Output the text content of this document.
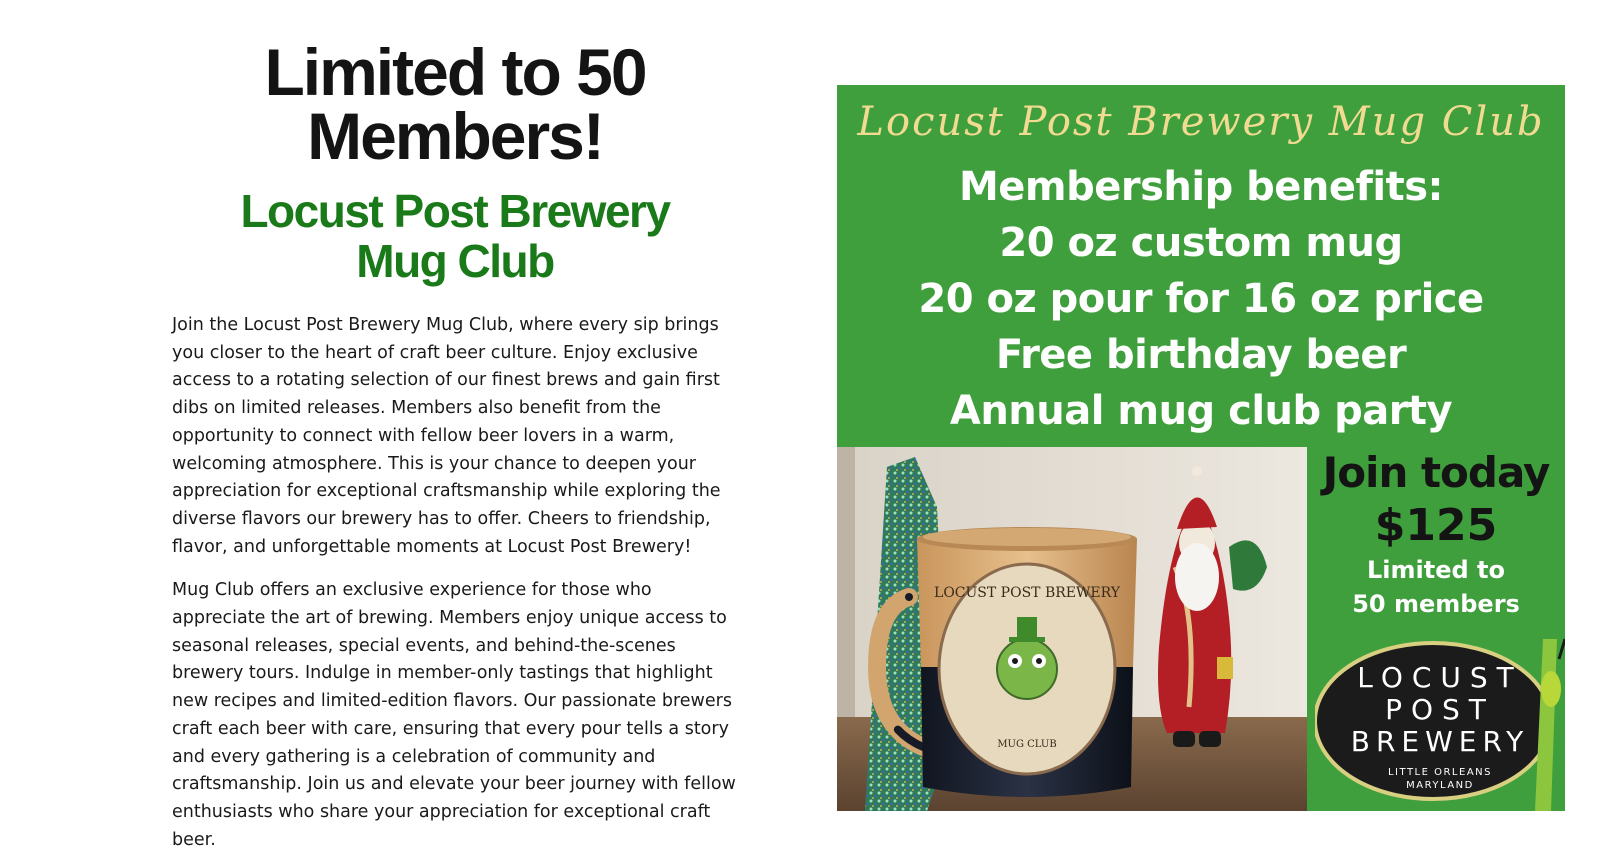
Limited to 50
Members!
Locust Post Brewery
Mug Club

Join the Locust Post Brewery Mug Club, where every sip brings you closer to the heart of craft beer culture. Enjoy exclusive access to a rotating selection of our finest brews and gain first dibs on limited releases. Members also benefit from the opportunity to connect with fellow beer lovers in a warm, welcoming atmosphere. This is your chance to deepen your appreciation for exceptional craftsmanship while exploring the diverse flavors our brewery has to offer. Cheers to friendship, flavor, and unforgettable moments at Locust Post Brewery!

Mug Club offers an exclusive experience for those who appreciate the art of brewing. Members enjoy unique access to seasonal releases, special events, and behind-the-scenes brewery tours. Indulge in member-only tastings that highlight new recipes and limited-edition flavors. Our passionate brewers craft each beer with care, ensuring that every pour tells a story and every gathering is a celebration of community and craftsmanship. Join us and elevate your beer journey with fellow enthusiasts who share your appreciation for exceptional craft beer.

Locust Post Brewery Mug Club
Membership benefits:
20 oz custom mug
20 oz pour for 16 oz price
Free birthday beer
Annual mug club party
LOCUST POST BREWERY
MUG CLUB
Join today
$125
Limited to
50 members
LOCUST
POST
BREWERY
LITTLE ORLEANS
MARYLAND
